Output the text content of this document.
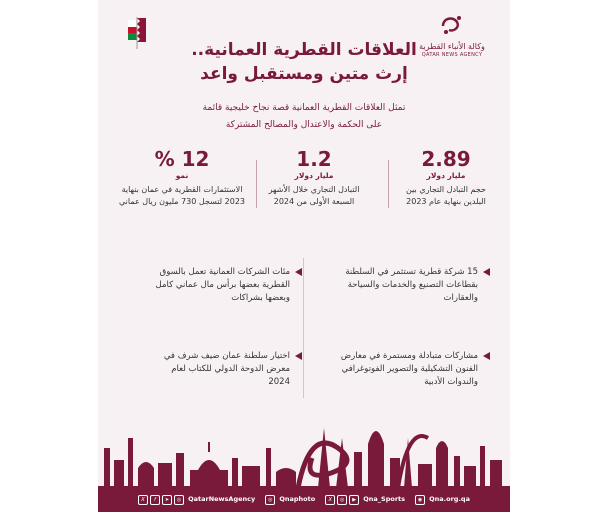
وكالة الأنباء القطرية
QATAR NEWS AGENCY
العلاقات القطرية العمانية..
إرث متين ومستقبل واعد
تمثل العلاقات القطرية العمانية قصة نجاح خليجية قائمة
على الحكمة والاعتدال والمصالح المشتركة
2.89
مليار دولار
حجم التبادل التجاري بين
البلدين بنهاية عام 2023
1.2
مليار دولار
التبادل التجاري خلال الأشهر
السبعة الأولى من 2024
12 %
نمو
الاستثمارات القطرية في عمان بنهاية
2023 لتسجل 730 مليون ريال عماني
15 شركة قطرية تستثمر في السلطنة
بقطاعات التصنيع والخدمات والسياحة
والعقارات
مئات الشركات العمانية تعمل بالسوق
القطرية بعضها برأس مال عماني كامل
وبعضها بشراكات
مشاركات متبادلة ومستمرة في معارض
الفنون التشكيلية والتصوير الفوتوغرافي
والندوات الأدبية
اختيار سلطنة عمان ضيف شرف في
معرض الدوحة الدولي للكتاب لعام
2024
X f ➤ ◎ QatarNewsAgency	◎ Qnaphoto	X ◎ ▶ Qna_Sports	◉ Qna.org.qa
